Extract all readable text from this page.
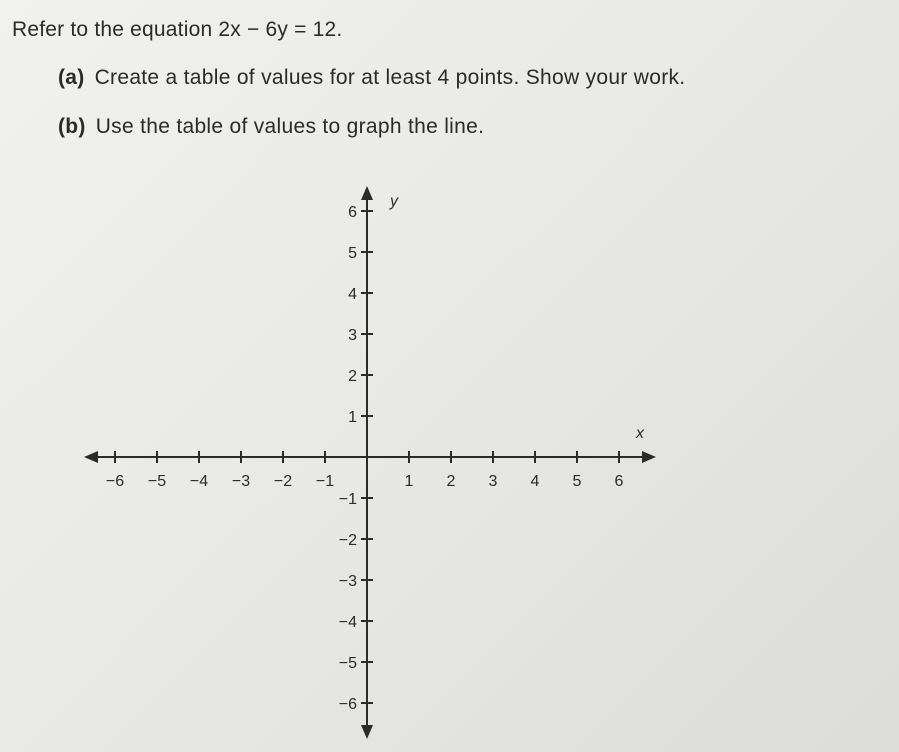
Refer to the equation 2x − 6y = 12.
(a) Create a table of values for at least 4 points. Show your work.
(b) Use the table of values to graph the line.
x
y
−6 −5 −4 −3 −2 −1	1 2 3 4 5 6
6
5
4
3
2
1
−1
−2
−3
−4
−5
−6
